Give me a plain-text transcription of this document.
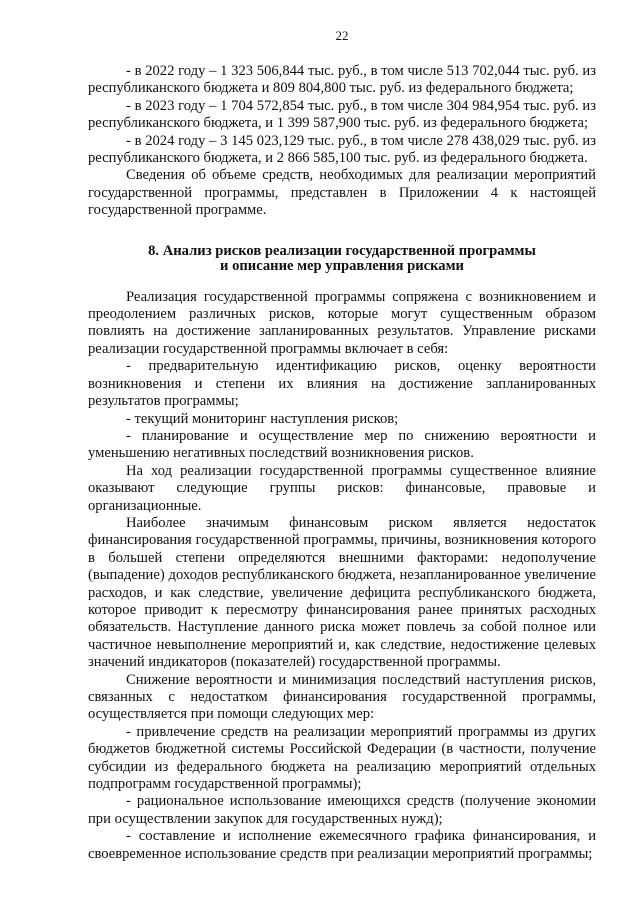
22

- в 2022 году – 1 323 506,844 тыс. руб., в том числе 513 702,044 тыс. руб. из республиканского бюджета и 809 804,800 тыс. руб. из федерального бюджета;

- в 2023 году – 1 704 572,854 тыс. руб., в том числе 304 984,954 тыс. руб. из республиканского бюджета, и 1 399 587,900 тыс. руб. из федерального бюджета;

- в 2024 году – 3 145 023,129 тыс. руб., в том числе 278 438,029 тыс. руб. из республиканского бюджета, и 2 866 585,100 тыс. руб. из федерального бюджета.

Сведения об объеме средств, необходимых для реализации мероприятий государственной программы, представлен в Приложении 4 к настоящей государственной программе.

8. Анализ рисков реализации государственной программы
и описание мер управления рисками

Реализация государственной программы сопряжена с возникновением и преодолением различных рисков, которые могут существенным образом повлиять на достижение запланированных результатов. Управление рисками реализации государственной программы включает в себя:

- предварительную идентификацию рисков, оценку вероятности возникновения и степени их влияния на достижение запланированных результатов программы;

- текущий мониторинг наступления рисков;

- планирование и осуществление мер по снижению вероятности и уменьшению негативных последствий возникновения рисков.

На ход реализации государственной программы существенное влияние оказывают следующие группы рисков: финансовые, правовые и организационные.

Наиболее значимым финансовым риском является недостаток финансирования государственной программы, причины, возникновения которого в большей степени определяются внешними факторами: недополучение (выпадение) доходов республиканского бюджета, незапланированное увеличение расходов, и как следствие, увеличение дефицита республиканского бюджета, которое приводит к пересмотру финансирования ранее принятых расходных обязательств. Наступление данного риска может повлечь за собой полное или частичное невыполнение мероприятий и, как следствие, недостижение целевых значений индикаторов (показателей) государственной программы.

Снижение вероятности и минимизация последствий наступления рисков, связанных с недостатком финансирования государственной программы, осуществляется при помощи следующих мер:

- привлечение средств на реализации мероприятий программы из других бюджетов бюджетной системы Российской Федерации (в частности, получение субсидии из федерального бюджета на реализацию мероприятий отдельных подпрограмм государственной программы);

- рациональное использование имеющихся средств (получение экономии при осуществлении закупок для государственных нужд);

- составление и исполнение ежемесячного графика финансирования, и своевременное использование средств при реализации мероприятий программы;
